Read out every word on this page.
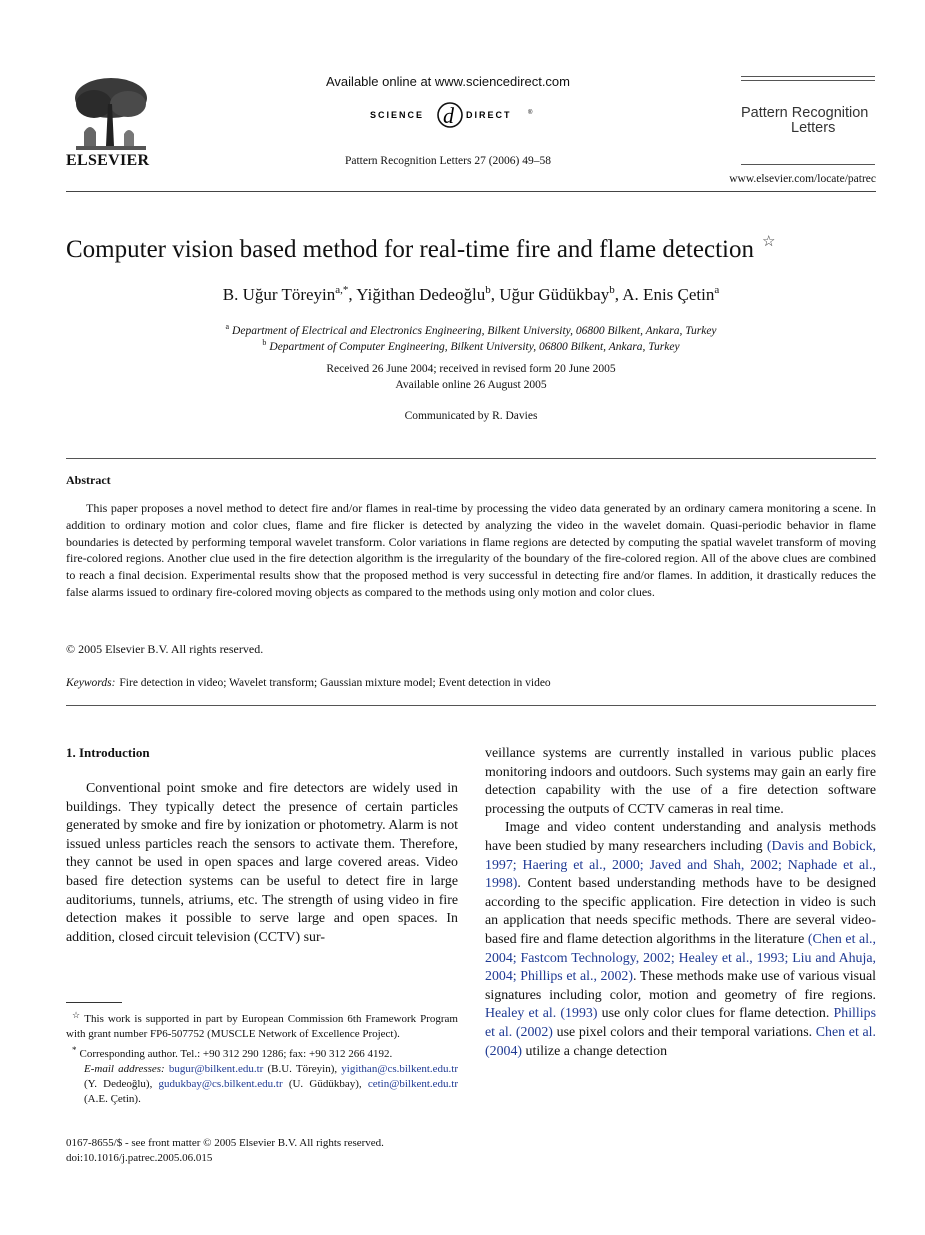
ELSEVIER
Available online at www.sciencedirect.com
SCIENCE d DIRECT	®
Pattern Recognition Letters 27 (2006) 49–58
Pattern Recognition
Letters
www.elsevier.com/locate/patrec
Computer vision based method for real-time fire and flame detection ☆
B. Uğur Töreyin$^{a,*}$, Yiğithan Dedeoğlu$^b$, Uğur Güdükbay$^b$, A. Enis Çetin$^a$
$^a$ Department of Electrical and Electronics Engineering, Bilkent University, 06800 Bilkent, Ankara, Turkey
$^b$ Department of Computer Engineering, Bilkent University, 06800 Bilkent, Ankara, Turkey
Received 26 June 2004; received in revised form 20 June 2005
Available online 26 August 2005
Communicated by R. Davies
Abstract
This paper proposes a novel method to detect fire and/or flames in real-time by processing the video data generated by an ordinary camera monitoring a scene. In addition to ordinary motion and color clues, flame and fire flicker is detected by analyzing the video in the wavelet domain. Quasi-periodic behavior in flame boundaries is detected by performing temporal wavelet transform. Color variations in flame regions are detected by computing the spatial wavelet transform of moving fire-colored regions. Another clue used in the fire detection algorithm is the irregularity of the boundary of the fire-colored region. All of the above clues are combined to reach a final decision. Experimental results show that the proposed method is very successful in detecting fire and/or flames. In addition, it drastically reduces the false alarms issued to ordinary fire-colored moving objects as compared to the methods using only motion and color clues.
© 2005 Elsevier B.V. All rights reserved.
Keywords: Fire detection in video; Wavelet transform; Gaussian mixture model; Event detection in video
1. Introduction
Conventional point smoke and fire detectors are widely used in buildings. They typically detect the presence of certain particles generated by smoke and fire by ionization or photometry. Alarm is not issued unless particles reach the sensors to activate them. Therefore, they cannot be used in open spaces and large covered areas. Video based fire detection systems can be useful to detect fire in large auditoriums, tunnels, atriums, etc. The strength of using video in fire detection makes it possible to serve large and open spaces. In addition, closed circuit television (CCTV) sur-

veillance systems are currently installed in various public places monitoring indoors and outdoors. Such systems may gain an early fire detection capability with the use of a fire detection software processing the outputs of CCTV cameras in real time.

Image and video content understanding and analysis methods have been studied by many researchers including (Davis and Bobick, 1997; Haering et al., 2000; Javed and Shah, 2002; Naphade et al., 1998). Content based understanding methods have to be designed according to the specific application. Fire detection in video is such an application that needs specific methods. There are several video-based fire and flame detection algorithms in the literature (Chen et al., 2004; Fastcom Technology, 2002; Healey et al., 1993; Liu and Ahuja, 2004; Phillips et al., 2002). These methods make use of various visual signatures including color, motion and geometry of fire regions. Healey et al. (1993) use only color clues for flame detection. Phillips et al. (2002) use pixel colors and their temporal variations. Chen et al. (2004) utilize a change detection

☆ This work is supported in part by European Commission 6th Framework Program with grant number FP6-507752 (MUSCLE Network of Excellence Project).

* Corresponding author. Tel.: +90 312 290 1286; fax: +90 312 266 4192.

E-mail addresses: bugur@bilkent.edu.tr (B.U. Töreyin), yigithan@cs.bilkent.edu.tr (Y. Dedeoğlu), gudukbay@cs.bilkent.edu.tr (U. Güdükbay), cetin@bilkent.edu.tr (A.E. Çetin).

0167-8655/$ - see front matter © 2005 Elsevier B.V. All rights reserved.
doi:10.1016/j.patrec.2005.06.015
